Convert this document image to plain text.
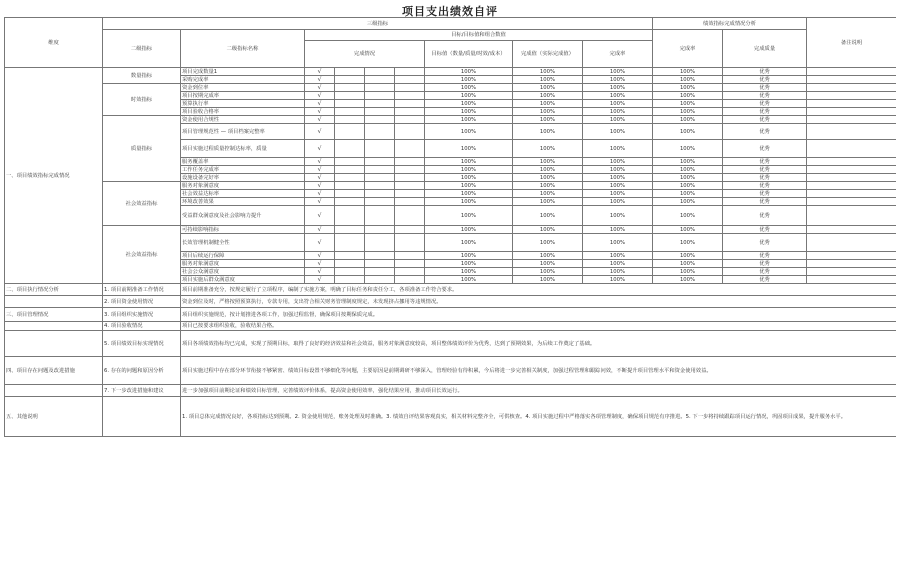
项目支出绩效自评
维度	三级指标									绩效指标完成情况分析		备注说明
	二级指标	二级指标名称	目标/目标值和组合数值							完成率	完成质量	
			完成情况				目标值（数量/质量/时效/成本）	完成值（实际完成值）	完成率			
一、项目绩效指标完成情况	数量指标	项目完成数量1	√				100%	100%	100%	100%	优秀	
		采购完成率	√				100%	100%	100%	100%	优秀	
	时效指标	资金到位率	√				100%	100%	100%	100%	优秀	
		项目按期完成率	√				100%	100%	100%	100%	优秀	
		预算执行率	√				100%	100%	100%	100%	优秀	
		项目验收合格率	√				100%	100%	100%	100%	优秀	
	质量指标	资金使用合规性	√				100%	100%	100%	100%	优秀	
		项目管理规范性 — 项目档案完整率	√				100%	100%	100%	100%	优秀	
		项目实施过程质量控制达标率，质量	√				100%	100%	100%	100%	优秀	
		服务覆盖率	√				100%	100%	100%	100%	优秀	
		工作任务完成率	√				100%	100%	100%	100%	优秀	
		设施设备完好率	√				100%	100%	100%	100%	优秀	
	社会效益指标	服务对象满意度	√				100%	100%	100%	100%	优秀	
		社会效益达标率	√				100%	100%	100%	100%	优秀	
		环境改善效果	√				100%	100%	100%	100%	优秀	
		受益群众满意度及社会影响力提升	√				100%	100%	100%	100%	优秀	
	社会效益指标	可持续影响指标	√				100%	100%	100%	100%	优秀	
		长效管理机制健全性	√				100%	100%	100%	100%	优秀	
		项目后续运行保障	√				100%	100%	100%	100%	优秀	
		服务对象满意度	√				100%	100%	100%	100%	优秀	
		社会公众满意度	√				100%	100%	100%	100%	优秀	
		项目实施后群众满意度	√				100%	100%	100%	100%	优秀	
二、项目执行情况分析	1. 项目前期准备工作情况	项目前期准备充分，按规定履行了立项程序，编制了实施方案，明确了目标任务和责任分工，各项准备工作符合要求。										
	2. 项目资金使用情况	资金到位及时，严格按照预算执行，专款专用，支出符合相关财务管理制度规定，未发现挤占挪用等违规情况。										
三、项目管理情况	3. 项目组织实施情况	项目组织实施规范，按计划推进各项工作，加强过程监督，确保项目按期保质完成。										
	4. 项目验收情况	项目已按要求组织验收，验收结果合格。										
	5. 项目绩效目标实现情况	项目各项绩效指标均已完成，实现了预期目标，取得了良好的经济效益和社会效益，服务对象满意度较高，项目整体绩效评价为优秀，达到了预期效果，为后续工作奠定了基础。										
四、项目存在问题及改进措施	6. 存在的问题和原因分析	项目实施过程中存在部分环节衔接不够紧密、绩效目标设置不够细化等问题，主要原因是前期调研不够深入，管理经验有待积累，今后将进一步完善相关制度，加强过程管理和跟踪问效，不断提升项目管理水平和资金使用效益。										
	7. 下一步改进措施和建议	进一步加强项目前期论证和绩效目标管理，完善绩效评价体系，提高资金使用效率，强化结果应用，推动项目长效运行。										
五、其他说明		1. 项目总体完成情况良好，各项指标达到预期。2. 资金使用规范，账务处理及时准确。3. 绩效自评结果客观真实，相关材料完整齐全，可供核查。4. 项目实施过程中严格落实各项管理制度，确保项目规范有序推进。5. 下一步将持续跟踪项目运行情况，巩固项目成果，提升服务水平。										
